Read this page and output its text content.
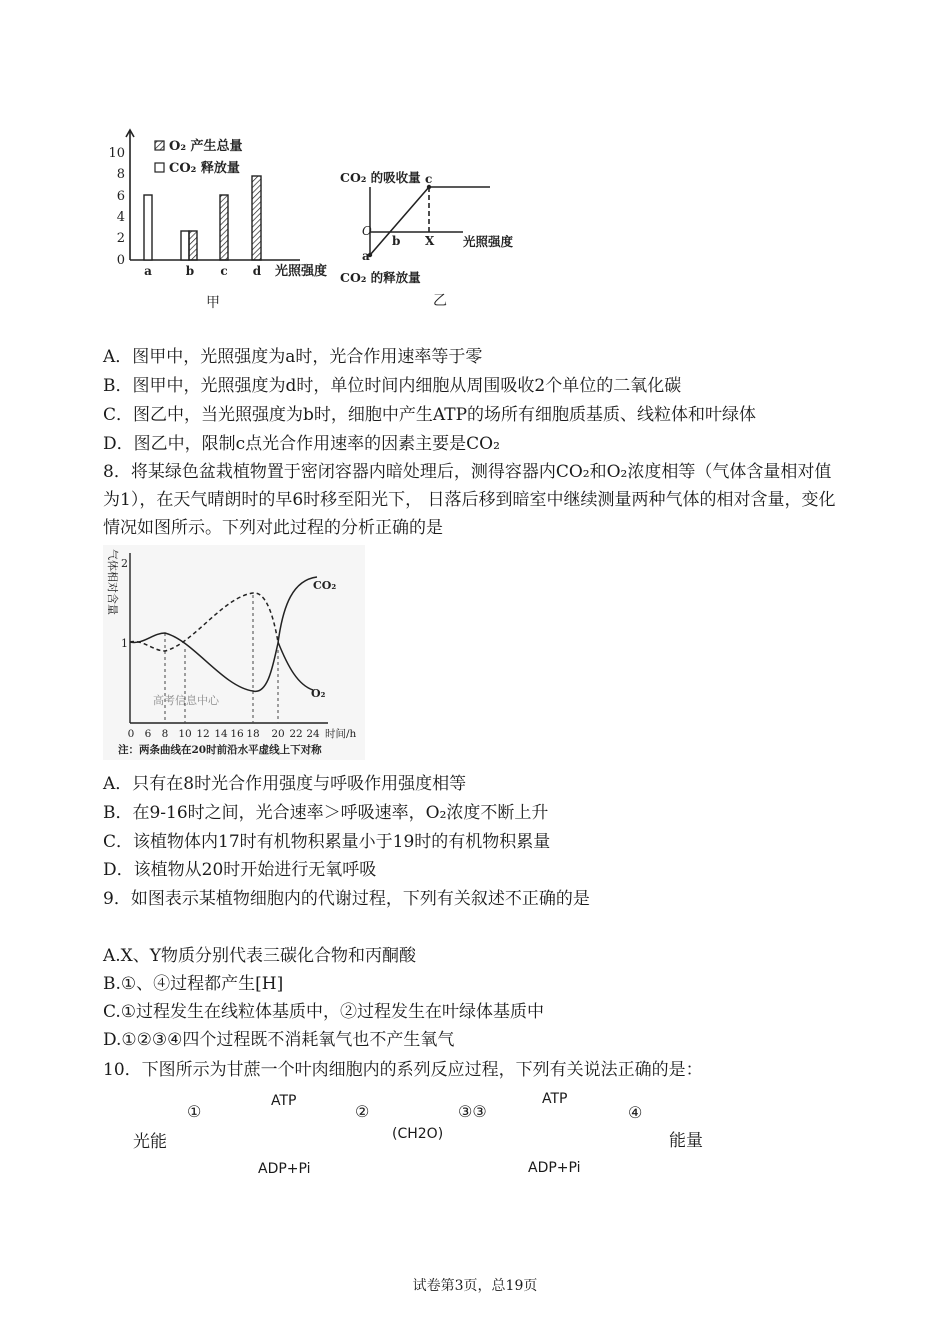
0
2
4
6
8
10
a	b c d 光照强度
O₂ 产生总量
CO₂ 释放量
甲
CO₂ 的吸收量
CO₂ 的释放量
O
a
b
c
X 光照强度
乙
A．图甲中，光照强度为a时，光合作用速率等于零
B．图甲中，光照强度为d时，单位时间内细胞从周围吸收2个单位的二氧化碳
C．图乙中，当光照强度为b时，细胞中产生ATP的场所有细胞质基质、线粒体和叶绿体
D．图乙中，限制c点光合作用速率的因素主要是CO₂
8．将某绿色盆栽植物置于密闭容器内暗处理后，测得容器内CO₂和O₂浓度相等（气体含量相对值为1），在天气晴朗时的早6时移至阳光下， 日落后移到暗室中继续测量两种气体的相对含量，变化情况如图所示。下列对此过程的分析正确的是
气体相对含量 2
1
CO₂
O₂
高考信息中心
0 6 8 10 12 14 16 18 20 22 24 时间/h
注：两条曲线在20时前沿水平虚线上下对称
A．只有在8时光合作用强度与呼吸作用强度相等
B．在9-16时之间，光合速率＞呼吸速率，O₂浓度不断上升
C．该植物体内17时有机物积累量小于19时的有机物积累量
D．该植物从20时开始进行无氧呼吸
9．如图表示某植物细胞内的代谢过程，下列有关叙述不正确的是
A.X、Y物质分别代表三碳化合物和丙酮酸
B.①、④过程都产生[H]
C.①过程发生在线粒体基质中，②过程发生在叶绿体基质中
D.①②③④四个过程既不消耗氧气也不产生氧气
10．下图所示为甘蔗一个叶肉细胞内的系列反应过程，下列有关说法正确的是：
光能
①
ATP
ADP+Pi
②
(CH2O)
③③
ATP
ADP+Pi
④
能量
试卷第3页，总19页
